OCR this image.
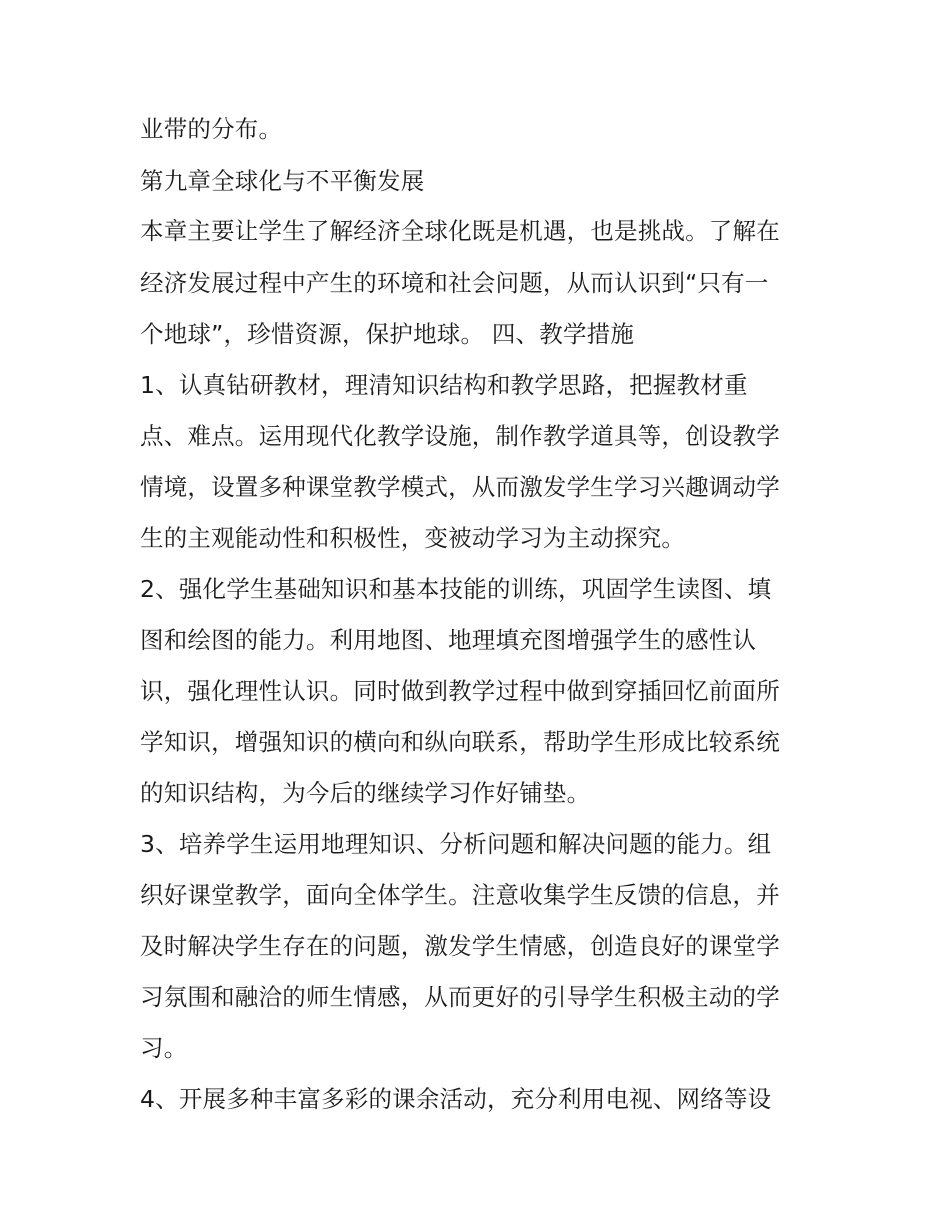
业带的分布。
第九章全球化与不平衡发展
本章主要让学生了解经济全球化既是机遇，也是挑战。了解在
经济发展过程中产生的环境和社会问题，从而认识到“只有一
个地球”，珍惜资源，保护地球。 四、教学措施
1、认真钻研教材，理清知识结构和教学思路，把握教材重
点、难点。运用现代化教学设施，制作教学道具等，创设教学
情境，设置多种课堂教学模式，从而激发学生学习兴趣调动学
生的主观能动性和积极性，变被动学习为主动探究。
2、强化学生基础知识和基本技能的训练，巩固学生读图、填
图和绘图的能力。利用地图、地理填充图增强学生的感性认
识，强化理性认识。同时做到教学过程中做到穿插回忆前面所
学知识，增强知识的横向和纵向联系，帮助学生形成比较系统
的知识结构，为今后的继续学习作好铺垫。
3、培养学生运用地理知识、分析问题和解决问题的能力。组
织好课堂教学，面向全体学生。注意收集学生反馈的信息，并
及时解决学生存在的问题，激发学生情感，创造良好的课堂学
习氛围和融洽的师生情感，从而更好的引导学生积极主动的学
习。
4、开展多种丰富多彩的课余活动，充分利用电视、网络等设
